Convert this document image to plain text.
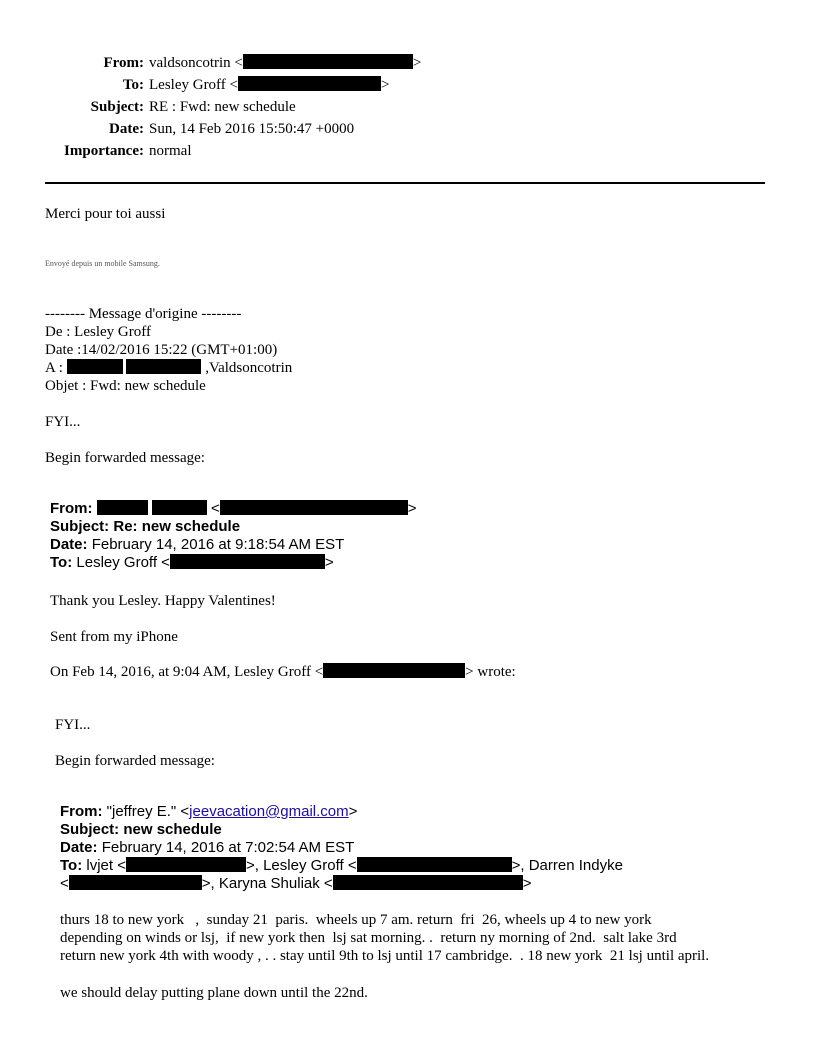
From: valdsoncotrin <	>
To: Lesley Groff <	>
Subject: RE : Fwd: new schedule
Date: Sun, 14 Feb 2016 15:50:47 +0000
Importance: normal
Merci pour toi aussi
Envoyé depuis un mobile Samsung.
-------- Message d'origine --------
De : Lesley Groff
Date :14/02/2016 15:22 (GMT+01:00)
A :	,Valdsoncotrin
Objet : Fwd: new schedule
FYI...
Begin forwarded message:
From:	<	>
Subject: Re: new schedule
Date: February 14, 2016 at 9:18:54 AM EST
To: Lesley Groff <	>
Thank you Lesley. Happy Valentines!
Sent from my iPhone
On Feb 14, 2016, at 9:04 AM, Lesley Groff <	> wrote:
FYI...
Begin forwarded message:
From: "jeffrey E." <jeevacation@gmail.com>
Subject: new schedule
Date: February 14, 2016 at 7:02:54 AM EST
To: lvjet <	>, Lesley Groff <	>, Darren Indyke
<	>, Karyna Shuliak <	>
thurs 18 to new york   ,  sunday 21  paris.  wheels up 7 am. return  fri  26, wheels up 4 to new york
depending on winds or lsj,  if new york then  lsj sat morning. .  return ny morning of 2nd.  salt lake 3rd
return new york 4th with woody , . . stay until 9th to lsj until 17 cambridge.  . 18 new york  21 lsj until april.
we should delay putting plane down until the 22nd.
